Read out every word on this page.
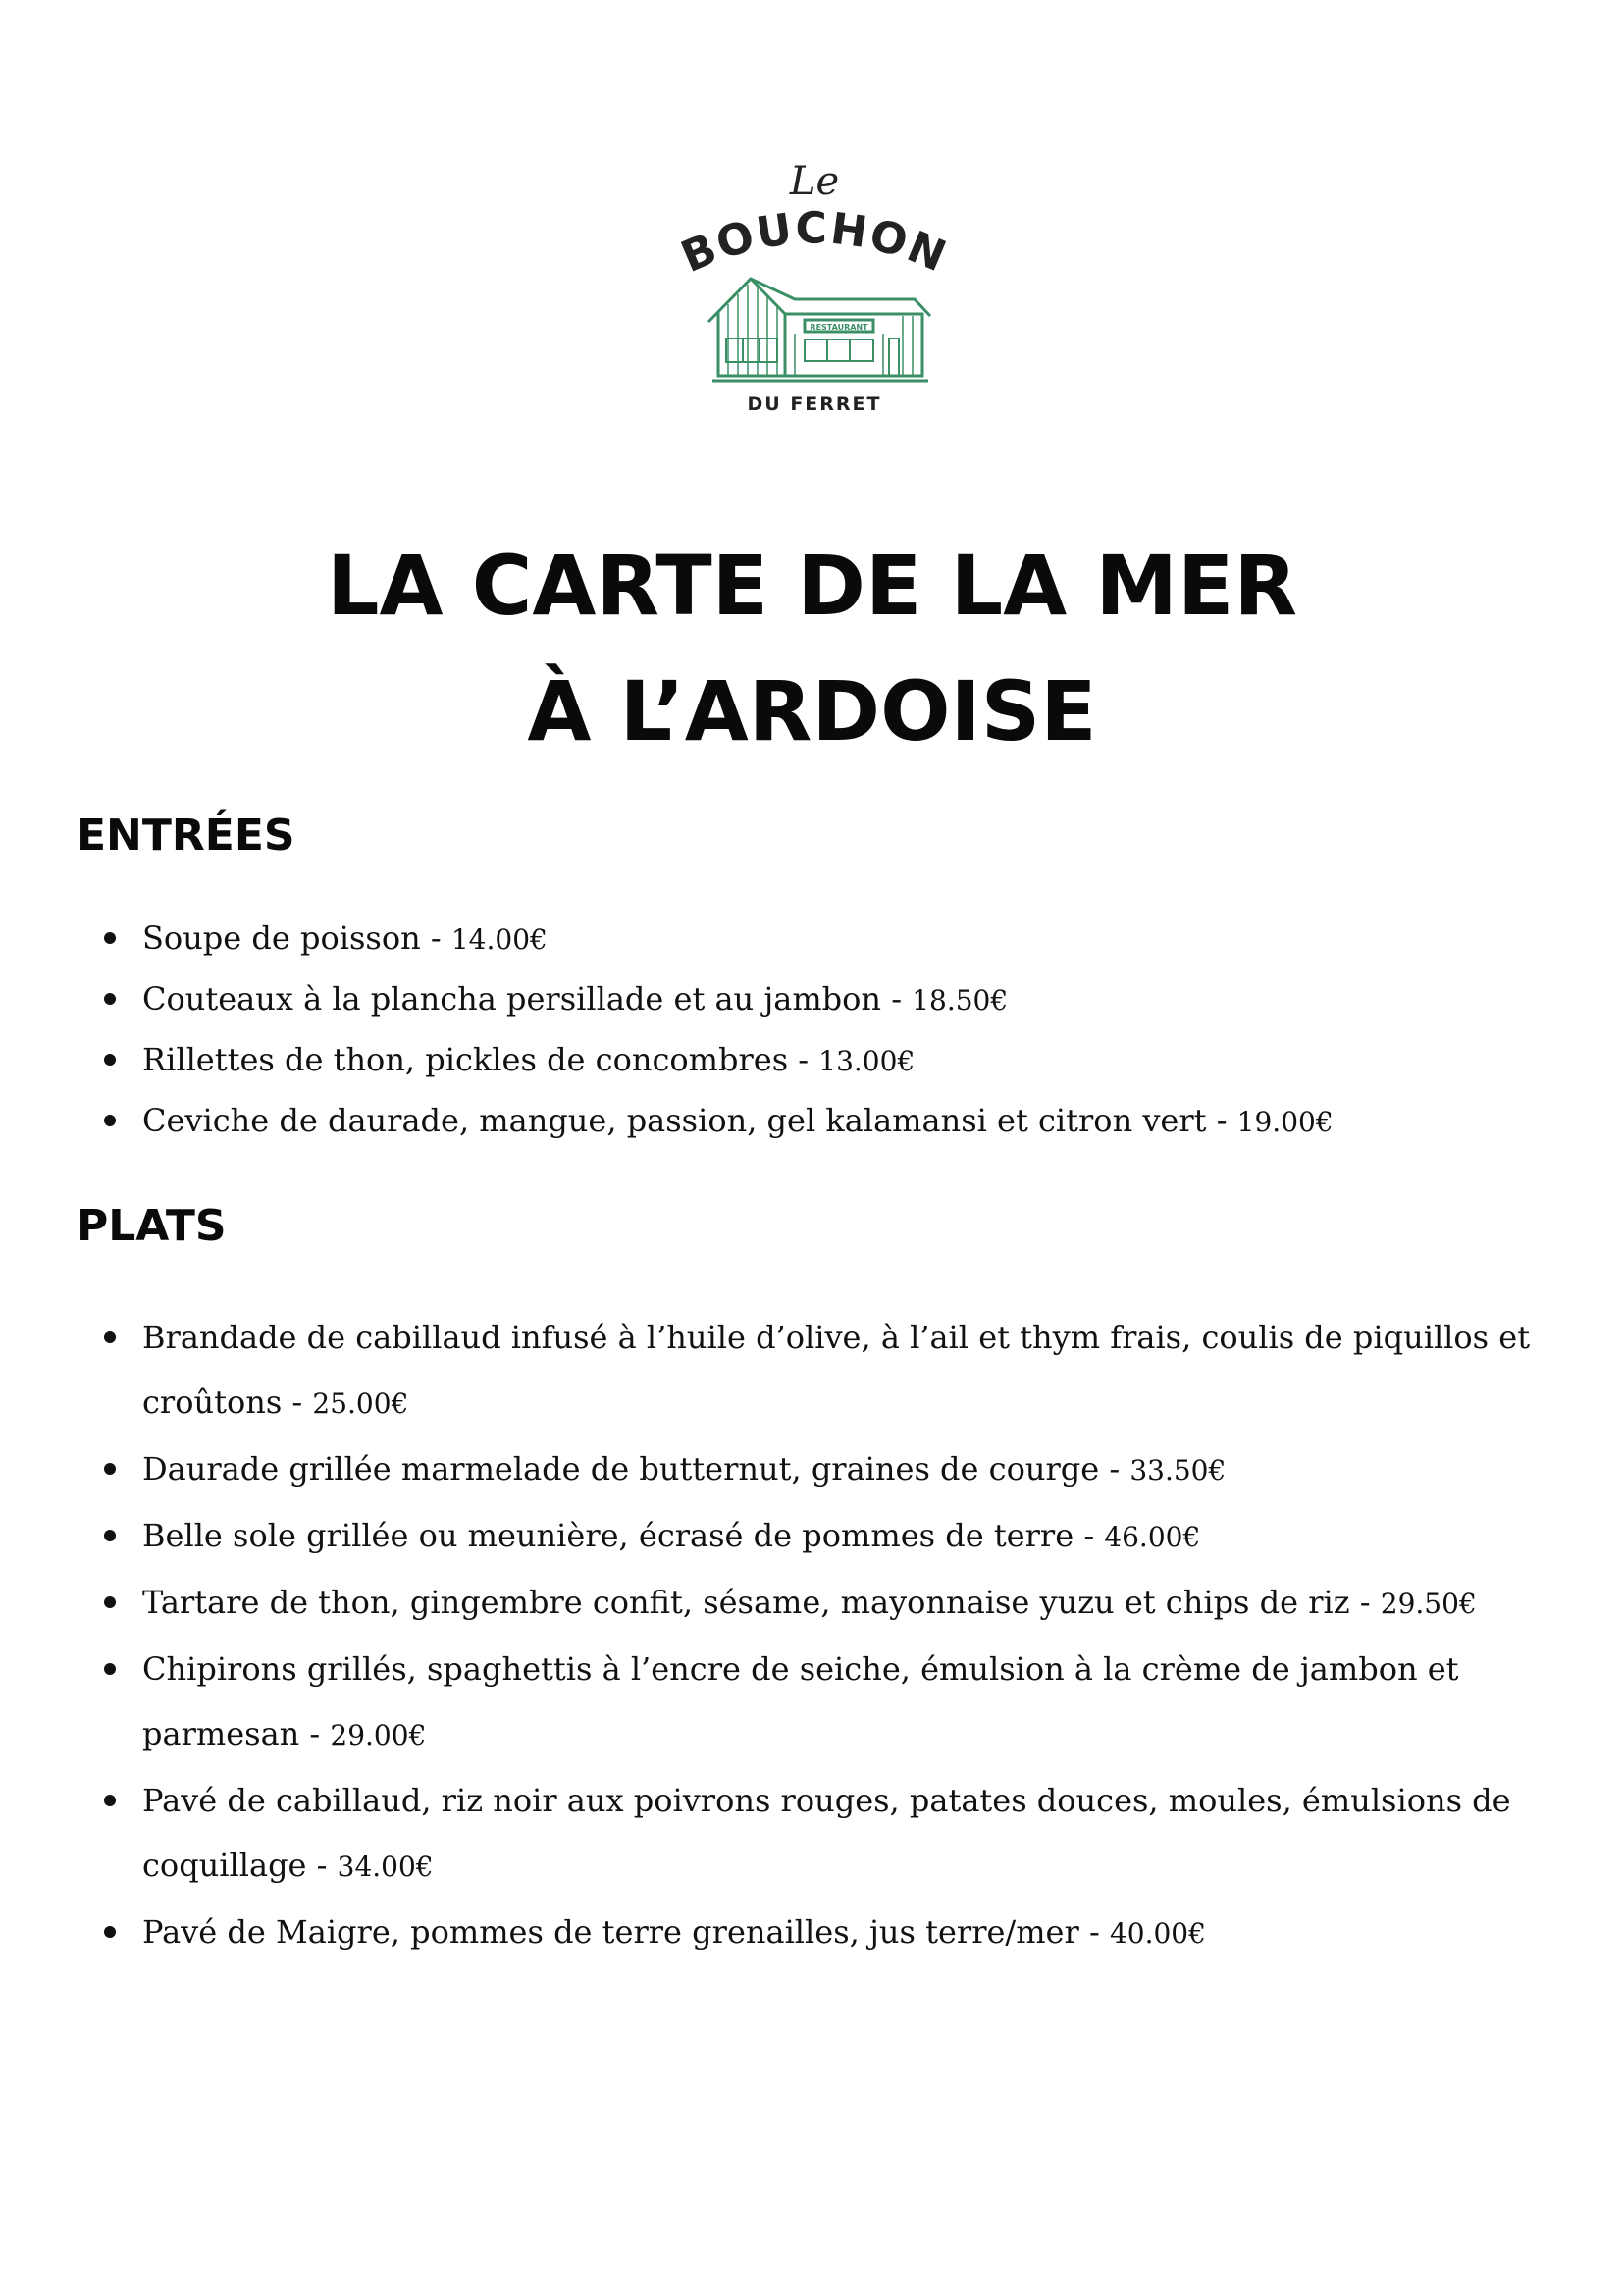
Le
BOUCHON
RESTAURANT
DU FERRET
LA CARTE DE LA MER
À L’ARDOISE
ENTRÉES
Soupe de poisson - 14.00€
Couteaux à la plancha persillade et au jambon - 18.50€
Rillettes de thon, pickles de concombres - 13.00€
Ceviche de daurade, mangue, passion, gel kalamansi et citron vert - 19.00€
PLATS
Brandade de cabillaud infusé à l’huile d’olive, à l’ail et thym frais, coulis de piquillos et croûtons - 25.00€
Daurade grillée marmelade de butternut, graines de courge - 33.50€
Belle sole grillée ou meunière, écrasé de pommes de terre - 46.00€
Tartare de thon, gingembre confit, sésame, mayonnaise yuzu et chips de riz - 29.50€
Chipirons grillés, spaghettis à l’encre de seiche, émulsion à la crème de jambon et parmesan - 29.00€
Pavé de cabillaud, riz noir aux poivrons rouges, patates douces, moules, émulsions de coquillage - 34.00€
Pavé de Maigre, pommes de terre grenailles, jus terre/mer - 40.00€
